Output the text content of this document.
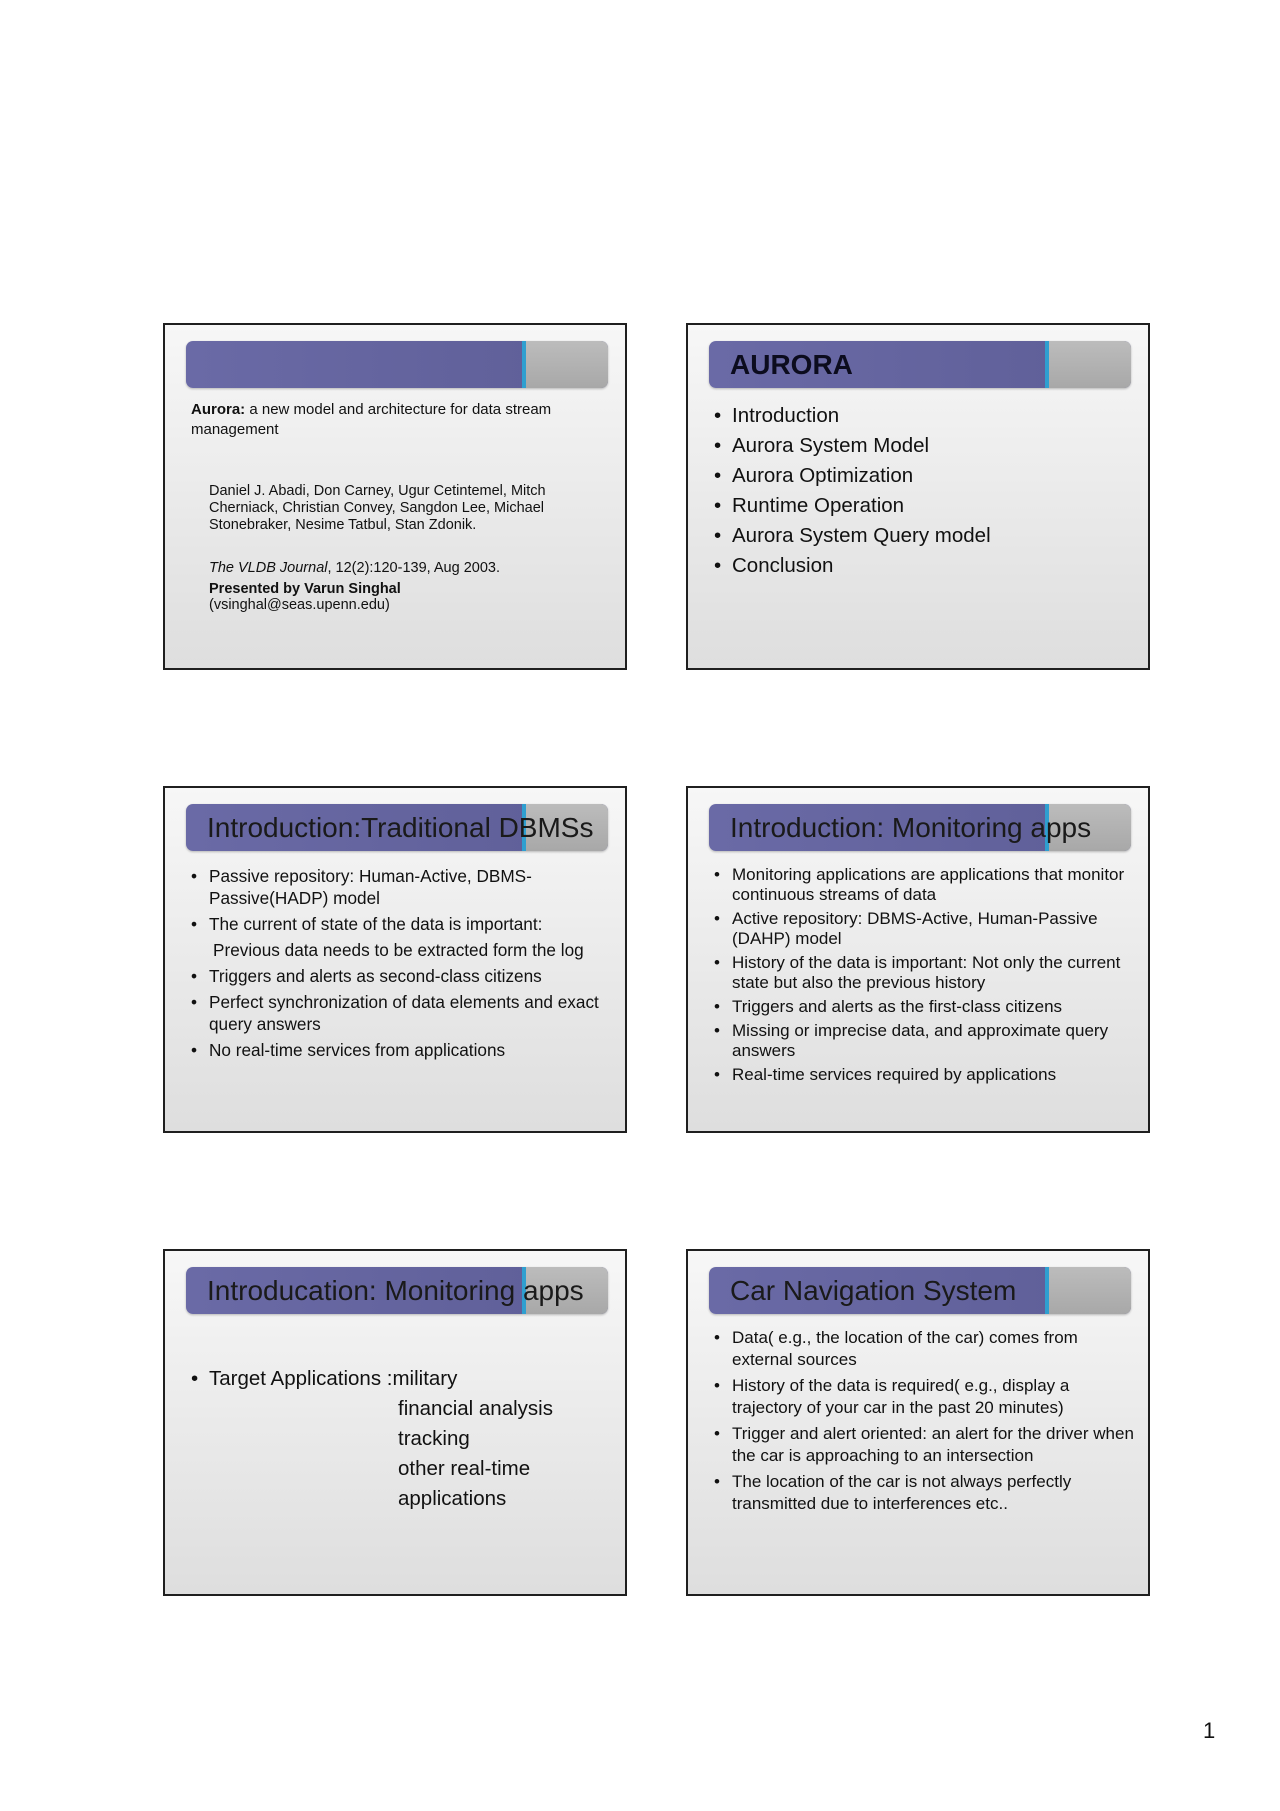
Aurora: a new model and architecture for data stream management
Daniel J. Abadi, Don Carney, Ugur Cetintemel, Mitch Cherniack, Christian Convey, Sangdon Lee, Michael Stonebraker, Nesime Tatbul, Stan Zdonik.
The VLDB Journal, 12(2):120-139, Aug 2003.
Presented by Varun Singhal
(vsinghal@seas.upenn.edu)
AURORA
• Introduction
• Aurora System Model
• Aurora Optimization
• Runtime Operation
• Aurora System Query model
• Conclusion
Introduction:Traditional DBMSs
• Passive repository: Human-Active, DBMS-Passive(HADP) model
• The current of state of the data is important:
Previous data needs to be extracted form the log
• Triggers and alerts as second-class citizens
• Perfect synchronization of data elements and exact query answers
• No real-time services from applications
Introduction: Monitoring apps
• Monitoring applications are applications that monitor continuous streams of data
• Active repository: DBMS-Active, Human-Passive (DAHP) model
• History of the data is important: Not only the current state but also the previous history
• Triggers and alerts as the first-class citizens
• Missing or imprecise data, and approximate query answers
• Real-time services required by applications
Introducation: Monitoring apps
• Target Applications :military
financial analysis
tracking
other real-time
applications
Car Navigation System
• Data( e.g., the location of the car) comes from external sources
• History of the data is required( e.g., display a trajectory of your car in the past 20 minutes)
• Trigger and alert oriented: an alert for the driver when the car is approaching to an intersection
• The location of the car is not always perfectly transmitted due to interferences etc..
1
